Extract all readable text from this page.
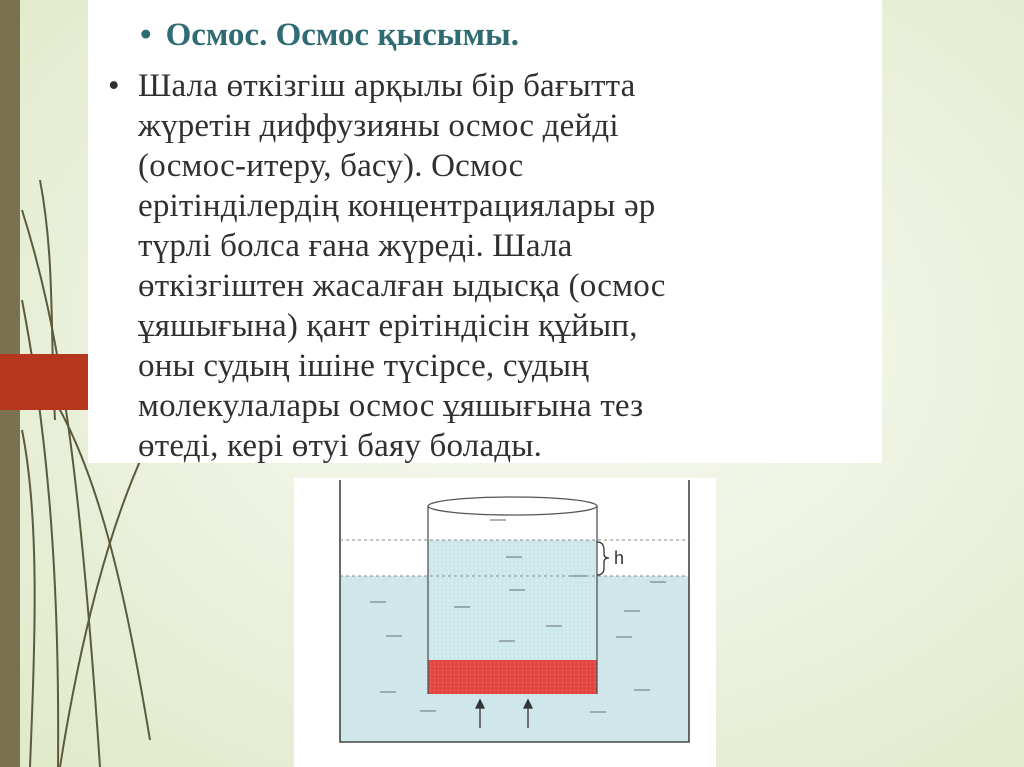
• Осмос. Осмос қысымы.

• Шала өткізгіш арқылы бір бағытта
жүретін диффузияны осмос дейді
(осмос-итеру, басу). Осмос
ерітінділердің концентрациялары әр
түрлі болса ғана жүреді. Шала
өткізгіштен жасалған ыдысқа (осмос
ұяшығына) қант ерітіндісін құйып,
оны судың ішіне түсірсе, судың
молекулалары осмос ұяшығына тез
өтеді, кері өтуі баяу болады.

h
